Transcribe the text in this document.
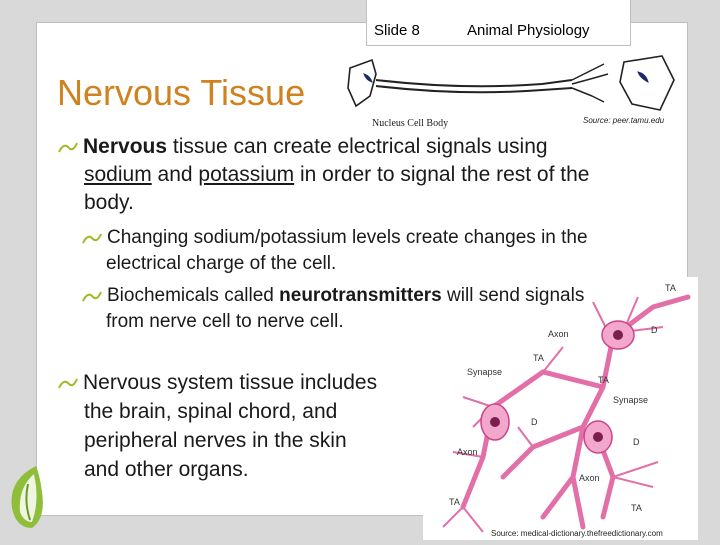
Slide 8	Animal Physiology
Nervous Tissue
Nucleus Cell Body	Source: peer.tamu.edu
Nervous tissue can create electrical signals using
sodium and potassium in order to signal the rest of the
body.
Changing sodium/potassium levels create changes in the
electrical charge of the cell.
TA
Axon	D
TA
Synapse
TA
Synapse
D
Axon
D
Axon
TA
TA
Source: medical-dictionary.thefreedictionary.com
Biochemicals called neurotransmitters will send signals
from nerve cell to nerve cell.
Nervous system tissue includes
the brain, spinal chord, and
peripheral nerves in the skin
and other organs.
